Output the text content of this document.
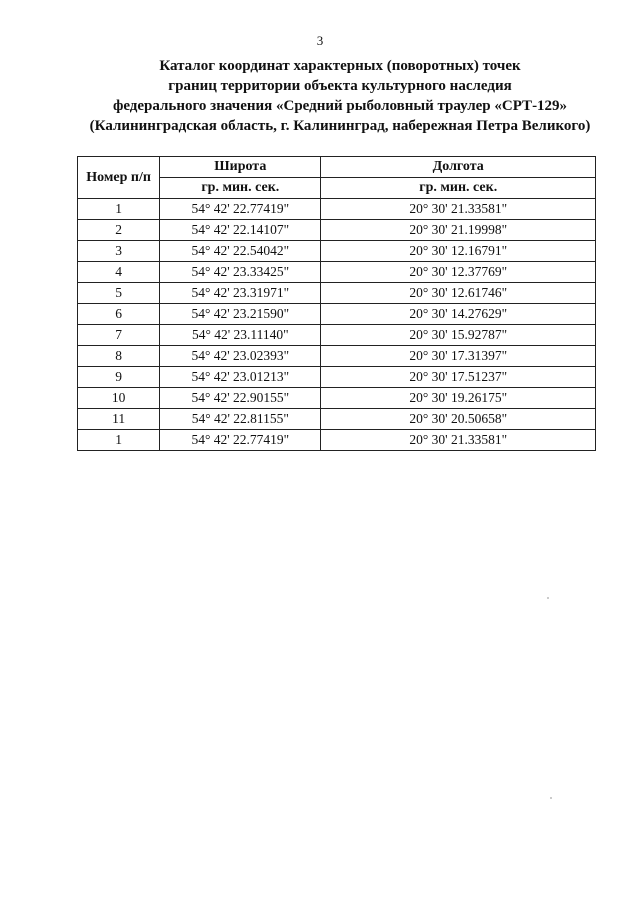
3
Каталог координат характерных (поворотных) точек
границ территории объекта культурного наследия
федерального значения «Средний рыболовный траулер «СРТ-129»
(Калининградская область, г. Калининград, набережная Петра Великого)
Номер п/п	Широта	Долгота
	гр. мин. сек.	гр. мин. сек.
1	54° 42' 22.77419"	20° 30' 21.33581"
2	54° 42' 22.14107"	20° 30' 21.19998"
3	54° 42' 22.54042"	20° 30' 12.16791"
4	54° 42' 23.33425"	20° 30' 12.37769"
5	54° 42' 23.31971"	20° 30' 12.61746"
6	54° 42' 23.21590"	20° 30' 14.27629"
7	54° 42' 23.11140"	20° 30' 15.92787"
8	54° 42' 23.02393"	20° 30' 17.31397"
9	54° 42' 23.01213"	20° 30' 17.51237"
10	54° 42' 22.90155"	20° 30' 19.26175"
11	54° 42' 22.81155"	20° 30' 20.50658"
1	54° 42' 22.77419"	20° 30' 21.33581"
